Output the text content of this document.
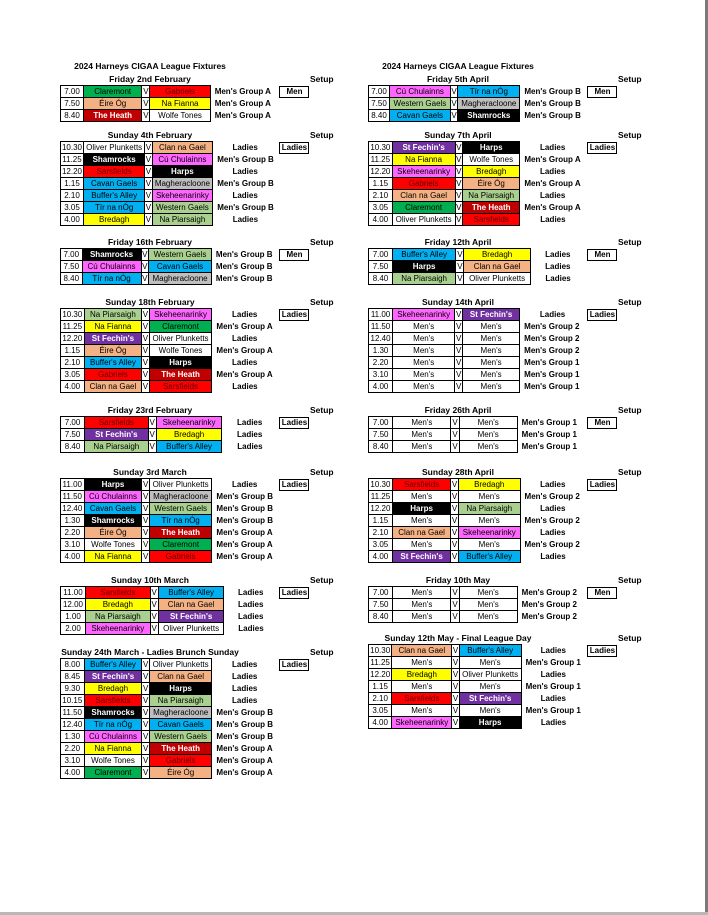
2024 Harneys CIGAA League Fixtures
Friday 2nd February	Setup
7.00	Claremont	V	Gabriels	Men's Group A	Men

7.50	Éire Óg	V	Na Fianna	Men's Group A	
8.40	The Heath	V	Wolfe Tones	Men's Group A	
Sunday 4th February	Setup
10.30	Oliver Plunketts	V	Clan na Gael	Ladies	Ladies

11.25	Shamrocks	V	Cú Chulainns	Men's Group B	
12.20	Sarsfields	V	Harps	Ladies	
1.15	Cavan Gaels	V	Magheracloone	Men's Group B	
2.10	Buffer's Alley	V	Skeheenarinky	Ladies	
3.05	Tír na nÓg	V	Western Gaels	Men's Group B	
4.00	Bredagh	V	Na Piarsaigh	Ladies	
Friday 16th February	Setup
7.00	Shamrocks	V	Western Gaels	Men's Group B	Men

7.50	Cú Chulainns	V	Cavan Gaels	Men's Group B	
8.40	Tír na nÓg	V	Magheracloone	Men's Group B	
Sunday 18th February	Setup
10.30	Na Piarsaigh	V	Skeheenarinky	Ladies	Ladies

11.25	Na Fianna	V	Claremont	Men's Group A	
12.20	St Fechin's	V	Oliver Plunketts	Ladies	
1.15	Éire Óg	V	Wolfe Tones	Men's Group A	
2.10	Buffer's Alley	V	Harps	Ladies	
3.05	Gabriels	V	The Heath	Men's Group A	
4.00	Clan na Gael	V	Sarsfields	Ladies	
Friday 23rd February	Setup
7.00	Sarsfields	V	Skeheenarinky	Ladies	Ladies

7.50	St Fechin's	V	Bredagh	Ladies	
8.40	Na Piarsaigh	V	Buffer's Alley	Ladies	
Sunday 3rd March	Setup
11.00	Harps	V	Oliver Plunketts	Ladies	Ladies

11.50	Cú Chulainns	V	Magheracloone	Men's Group B	
12.40	Cavan Gaels	V	Western Gaels	Men's Group B	
1.30	Shamrocks	V	Tír na nÓg	Men's Group B	
2.20	Éire Óg	V	The Heath	Men's Group A	
3.10	Wolfe Tones	V	Claremont	Men's Group A	
4.00	Na Fianna	V	Gabriels	Men's Group A	
Sunday 10th March	Setup
11.00	Sarsfields	V	Buffer's Alley	Ladies	Ladies

12.00	Bredagh	V	Clan na Gael	Ladies	
1.00	Na Piarsaigh	V	St Fechin's	Ladies	
2.00	Skeheenarinky	V	Oliver Plunketts	Ladies	
Sunday 24th March - Ladies Brunch Sunday	Setup
8.00	Buffer's Alley	V	Oliver Plunketts	Ladies	Ladies

8.45	St Fechin's	V	Clan na Gael	Ladies	
9.30	Bredagh	V	Harps	Ladies	
10.15	Sarsfields	V	Na Piarsaigh	Ladies	
11.50	Shamrocks	V	Magheracloone	Men's Group B	
12.40	Tír na nÓg	V	Cavan Gaels	Men's Group B	
1.30	Cú Chulainns	V	Western Gaels	Men's Group B	
2.20	Na Fianna	V	The Heath	Men's Group A	
3.10	Wolfe Tones	V	Gabriels	Men's Group A	
4.00	Claremont	V	Éire Óg	Men's Group A	
2024 Harneys CIGAA League Fixtures
Friday 5th April	Setup
7.00	Cú Chulainns	V	Tír na nÓg	Men's Group B	Men

7.50	Western Gaels	V	Magheracloone	Men's Group B	
8.40	Cavan Gaels	V	Shamrocks	Men's Group B	
Sunday 7th April	Setup
10.30	St Fechin's	V	Harps	Ladies	Ladies

11.25	Na Fianna	V	Wolfe Tones	Men's Group A	
12.20	Skeheenarinky	V	Bredagh	Ladies	
1.15	Gabriels	V	Éire Óg	Men's Group A	
2.10	Clan na Gael	V	Na Piarsaigh	Ladies	
3.05	Claremont	V	The Heath	Men's Group A	
4.00	Oliver Plunketts	V	Sarsfields	Ladies	
Friday 12th April	Setup
7.00	Buffer's Alley	V	Bredagh	Ladies	Men

7.50	Harps	V	Clan na Gael	Ladies	
8.40	Na Piarsaigh	V	Oliver Plunketts	Ladies	
Sunday 14th April	Setup
11.00	Skeheenarinky	V	St Fechin's	Ladies	Ladies

11.50	Men's	V	Men's	Men's Group 2	
12.40	Men's	V	Men's	Men's Group 2	
1.30	Men's	V	Men's	Men's Group 2	
2.20	Men's	V	Men's	Men's Group 1	
3.10	Men's	V	Men's	Men's Group 1	
4.00	Men's	V	Men's	Men's Group 1	
Friday 26th April	Setup
7.00	Men's	V	Men's	Men's Group 1	Men

7.50	Men's	V	Men's	Men's Group 1	
8.40	Men's	V	Men's	Men's Group 1	
Sunday 28th April	Setup
10.30	Sarsfields	V	Bredagh	Ladies	Ladies

11.25	Men's	V	Men's	Men's Group 2	
12.20	Harps	V	Na Piarsaigh	Ladies	
1.15	Men's	V	Men's	Men's Group 2	
2.10	Clan na Gael	V	Skeheenarinky	Ladies	
3.05	Men's	V	Men's	Men's Group 2	
4.00	St Fechin's	V	Buffer's Alley	Ladies	
Friday 10th May	Setup
7.00	Men's	V	Men's	Men's Group 2	Men

7.50	Men's	V	Men's	Men's Group 2	
8.40	Men's	V	Men's	Men's Group 2	
Sunday 12th May - Final League Day	Setup
10.30	Clan na Gael	V	Buffer's Alley	Ladies	Ladies

11.25	Men's	V	Men's	Men's Group 1	
12.20	Bredagh	V	Oliver Plunketts	Ladies	
1.15	Men's	V	Men's	Men's Group 1	
2.10	Sarsfields	V	St Fechin's	Ladies	
3.05	Men's	V	Men's	Men's Group 1	
4.00	Skeheenarinky	V	Harps	Ladies	
